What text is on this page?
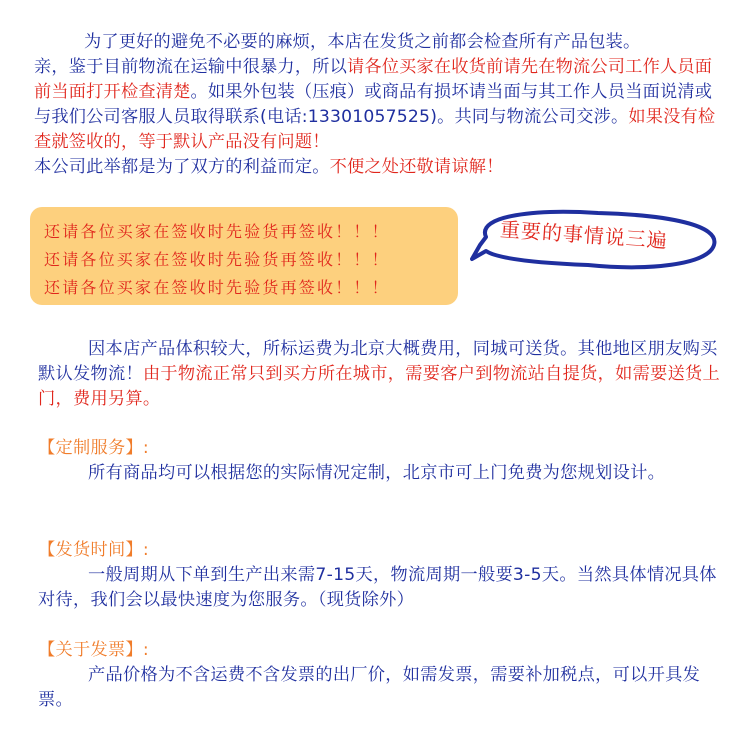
为了更好的避免不必要的麻烦，本店在发货之前都会检查所有产品包装。

亲，鉴于目前物流在运输中很暴力，所以请各位买家在收货前请先在物流公司工作人员面前当面打开检查清楚。如果外包装（压痕）或商品有损坏请当面与其工作人员当面说清或与我们公司客服人员取得联系(电话:13301057525)。共同与物流公司交涉。如果没有检查就签收的，等于默认产品没有问题！

本公司此举都是为了双方的利益而定。不便之处还敬请谅解！

还请各位买家在签收时先验货再签收！！！
还请各位买家在签收时先验货再签收！！！
还请各位买家在签收时先验货再签收！！！
重要的事情说三遍

因本店产品体积较大，所标运费为北京大概费用，同城可送货。其他地区朋友购买默认发物流！由于物流正常只到买方所在城市，需要客户到物流站自提货，如需要送货上门，费用另算。

【定制服务】:

所有商品均可以根据您的实际情况定制，北京市可上门免费为您规划设计。

【发货时间】:

一般周期从下单到生产出来需7-15天，物流周期一般要3-5天。当然具体情况具体对待，我们会以最快速度为您服务。（现货除外）

【关于发票】:

产品价格为不含运费不含发票的出厂价，如需发票，需要补加税点，可以开具发票。
